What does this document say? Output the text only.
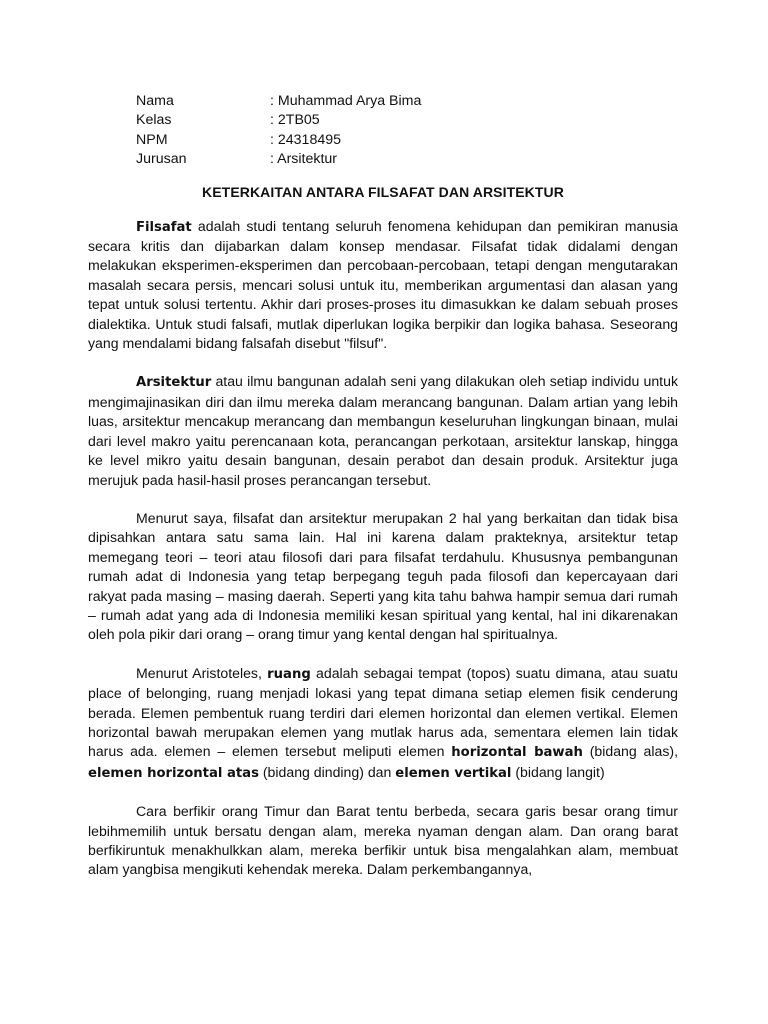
Nama	: Muhammad Arya Bima
Kelas	: 2TB05
NPM	: 24318495
Jurusan	: Arsitektur
KETERKAITAN ANTARA FILSAFAT DAN ARSITEKTUR

Filsafat adalah studi tentang seluruh fenomena kehidupan dan pemikiran manusia secara kritis dan dijabarkan dalam konsep mendasar. Filsafat tidak didalami dengan melakukan eksperimen-eksperimen dan percobaan-percobaan, tetapi dengan mengutarakan masalah secara persis, mencari solusi untuk itu, memberikan argumentasi dan alasan yang tepat untuk solusi tertentu. Akhir dari proses-proses itu dimasukkan ke dalam sebuah proses dialektika. Untuk studi falsafi, mutlak diperlukan logika berpikir dan logika bahasa. Seseorang yang mendalami bidang falsafah disebut "filsuf".

Arsitektur atau ilmu bangunan adalah seni yang dilakukan oleh setiap individu untuk mengimajinasikan diri dan ilmu mereka dalam merancang bangunan. Dalam artian yang lebih luas, arsitektur mencakup merancang dan membangun keseluruhan lingkungan binaan, mulai dari level makro yaitu perencanaan kota, perancangan perkotaan, arsitektur lanskap, hingga ke level mikro yaitu desain bangunan, desain perabot dan desain produk. Arsitektur juga merujuk pada hasil-hasil proses perancangan tersebut.

Menurut saya, filsafat dan arsitektur merupakan 2 hal yang berkaitan dan tidak bisa dipisahkan antara satu sama lain. Hal ini karena dalam prakteknya, arsitektur tetap memegang teori – teori atau filosofi dari para filsafat terdahulu. Khususnya pembangunan rumah adat di Indonesia yang tetap berpegang teguh pada filosofi dan kepercayaan dari rakyat pada masing – masing daerah. Seperti yang kita tahu bahwa hampir semua dari rumah – rumah adat yang ada di Indonesia memiliki kesan spiritual yang kental, hal ini dikarenakan oleh pola pikir dari orang – orang timur yang kental dengan hal spiritualnya.

Menurut Aristoteles, ruang adalah sebagai tempat (topos) suatu dimana, atau suatu place of belonging, ruang menjadi lokasi yang tepat dimana setiap elemen fisik cenderung berada. Elemen pembentuk ruang terdiri dari elemen horizontal dan elemen vertikal. Elemen horizontal bawah merupakan elemen yang mutlak harus ada, sementara elemen lain tidak harus ada. elemen – elemen tersebut meliputi elemen horizontal bawah (bidang alas), elemen horizontal atas (bidang dinding) dan elemen vertikal (bidang langit)

Cara berfikir orang Timur dan Barat tentu berbeda, secara garis besar orang timur lebihmemilih untuk bersatu dengan alam, mereka nyaman dengan alam. Dan orang barat berfikiruntuk menakhulkkan alam, mereka berfikir untuk bisa mengalahkan alam, membuat alam yangbisa mengikuti kehendak mereka. Dalam perkembangannya,
